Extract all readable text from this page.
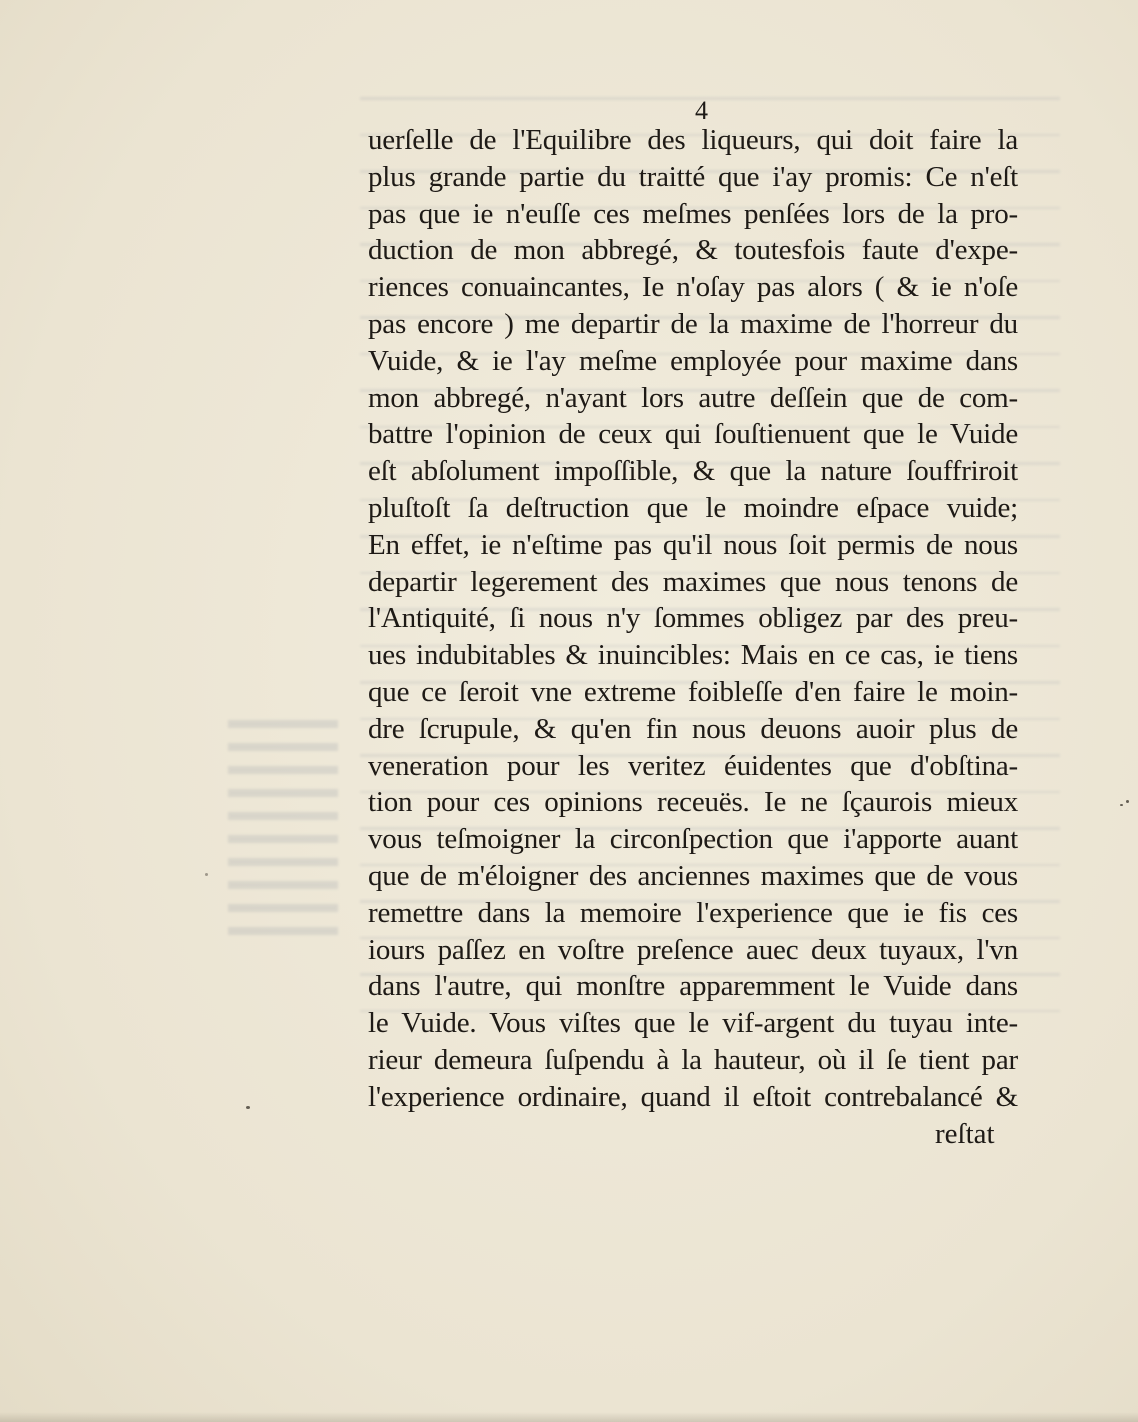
4
uerſelle de l'Equilibre des liqueurs, qui doit faire la
plus grande partie du traitté que i'ay promis: Ce n'eſt
pas que ie n'euſſe ces meſmes penſées lors de la pro-
duction de mon abbregé, & toutesfois faute d'expe-
riences conuaincantes, Ie n'oſay pas alors ( & ie n'oſe
pas encore ) me departir de la maxime de l'horreur du
Vuide, & ie l'ay meſme employée pour maxime dans
mon abbregé, n'ayant lors autre deſſein que de com-
battre l'opinion de ceux qui ſouſtienuent que le Vuide
eſt abſolument impoſſible, & que la nature ſouffriroit
pluſtoſt ſa deſtruction que le moindre eſpace vuide;
En effet, ie n'eſtime pas qu'il nous ſoit permis de nous
departir legerement des maximes que nous tenons de
l'Antiquité, ſi nous n'y ſommes obligez par des preu-
ues indubitables & inuincibles: Mais en ce cas, ie tiens
que ce ſeroit vne extreme foibleſſe d'en faire le moin-
dre ſcrupule, & qu'en fin nous deuons auoir plus de
veneration pour les veritez éuidentes que d'obſtina-
tion pour ces opinions receuës. Ie ne ſçaurois mieux
vous teſmoigner la circonſpection que i'apporte auant
que de m'éloigner des anciennes maximes que de vous
remettre dans la memoire l'experience que ie fis ces
iours paſſez en voſtre preſence auec deux tuyaux, l'vn
dans l'autre, qui monſtre apparemment le Vuide dans
le Vuide. Vous viſtes que le vif-argent du tuyau inte-
rieur demeura ſuſpendu à la hauteur, où il ſe tient par
l'experience ordinaire, quand il eſtoit contrebalancé &
reſtat
